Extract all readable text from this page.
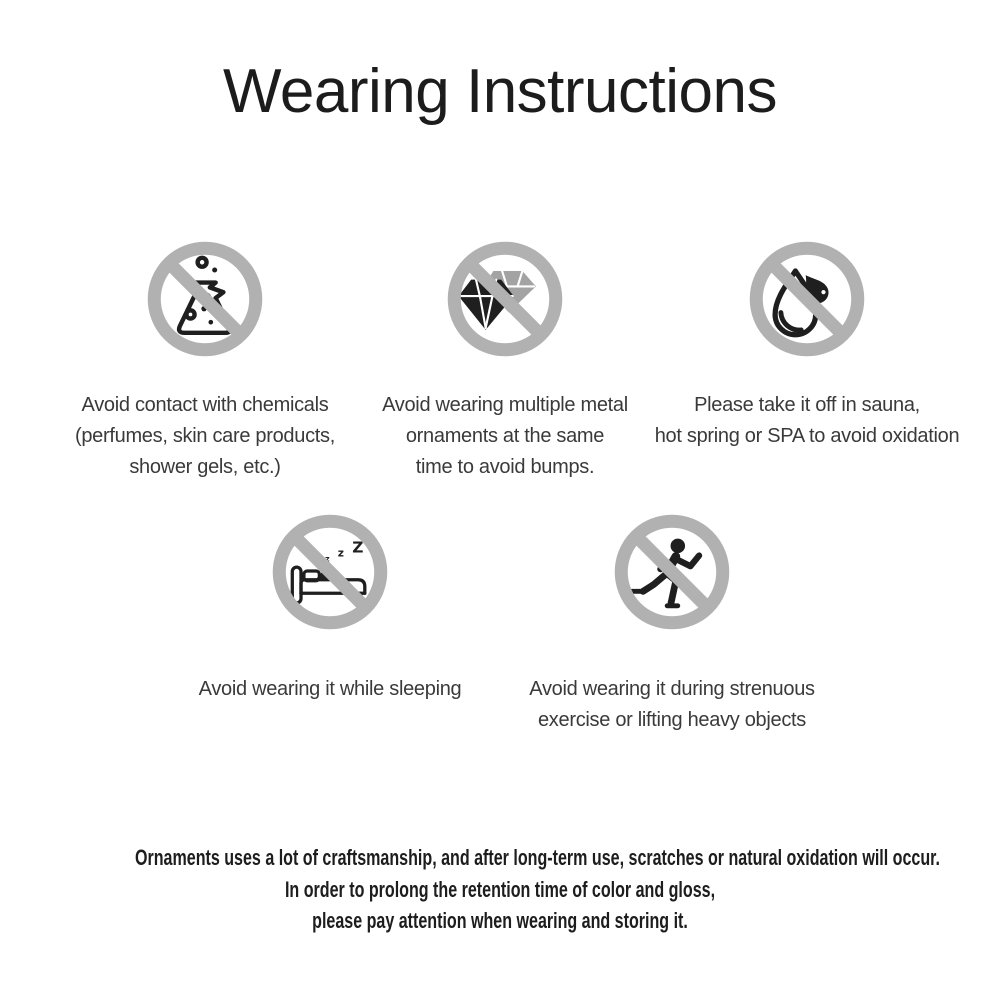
Wearing Instructions
Avoid contact with chemicals
(perfumes, skin care products,
shower gels, etc.)
Avoid wearing multiple metal
ornaments at the same
time to avoid bumps.
Please take it off in sauna,
hot spring or SPA to avoid oxidation
z z Z
Avoid wearing it while sleeping	Avoid wearing it during strenuous
exercise or lifting heavy objects
Ornaments uses a lot of craftsmanship, and after long-term use, scratches or natural oxidation will occur.
In order to prolong the retention time of color and gloss,
please pay attention when wearing and storing it.
